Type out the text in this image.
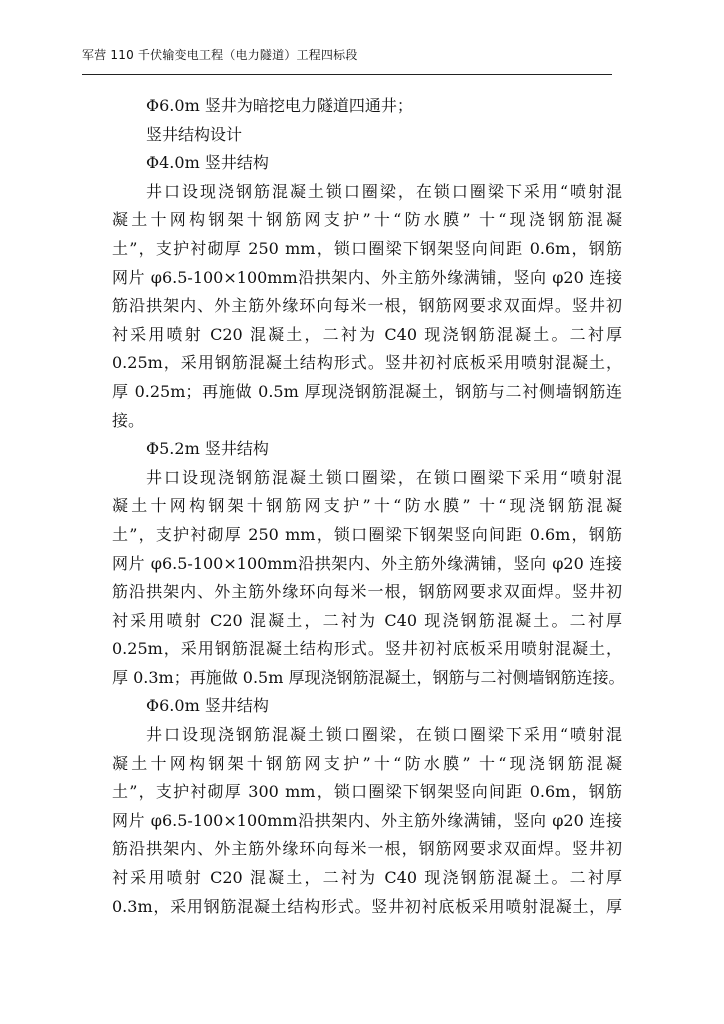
军营 110 千伏输变电工程（电力隧道）工程四标段
Φ6.0m 竖井为暗挖电力隧道四通井；
竖井结构设计
Φ4.0m 竖井结构
井口设现浇钢筋混凝土锁口圈梁，在锁口圈梁下采用“喷射混
凝土十网构钢架十钢筋网支护”十“防水膜” 十“现浇钢筋混凝
土”，支护衬砌厚 250 mm，锁口圈梁下钢架竖向间距 0.6m，钢筋
网片 φ6.5-100×100mm沿拱架内、外主筋外缘满铺，竖向 φ20 连接
筋沿拱架内、外主筋外缘环向每米一根，钢筋网要求双面焊。竖井初
衬采用喷射 C20 混凝土，二衬为 C40 现浇钢筋混凝土。二衬厚
0.25m，采用钢筋混凝土结构形式。竖井初衬底板采用喷射混凝土，
厚 0.25m；再施做 0.5m 厚现浇钢筋混凝土，钢筋与二衬侧墙钢筋连
接。
Φ5.2m 竖井结构
井口设现浇钢筋混凝土锁口圈梁，在锁口圈梁下采用“喷射混
凝土十网构钢架十钢筋网支护”十“防水膜” 十“现浇钢筋混凝
土”，支护衬砌厚 250 mm，锁口圈梁下钢架竖向间距 0.6m，钢筋
网片 φ6.5-100×100mm沿拱架内、外主筋外缘满铺，竖向 φ20 连接
筋沿拱架内、外主筋外缘环向每米一根，钢筋网要求双面焊。竖井初
衬采用喷射 C20 混凝土，二衬为 C40 现浇钢筋混凝土。二衬厚
0.25m，采用钢筋混凝土结构形式。竖井初衬底板采用喷射混凝土，
厚 0.3m；再施做 0.5m 厚现浇钢筋混凝土，钢筋与二衬侧墙钢筋连接。
Φ6.0m 竖井结构
井口设现浇钢筋混凝土锁口圈梁，在锁口圈梁下采用“喷射混
凝土十网构钢架十钢筋网支护”十“防水膜” 十“现浇钢筋混凝
土”，支护衬砌厚 300 mm，锁口圈梁下钢架竖向间距 0.6m，钢筋
网片 φ6.5-100×100mm沿拱架内、外主筋外缘满铺，竖向 φ20 连接
筋沿拱架内、外主筋外缘环向每米一根，钢筋网要求双面焊。竖井初
衬采用喷射 C20 混凝土，二衬为 C40 现浇钢筋混凝土。二衬厚
0.3m，采用钢筋混凝土结构形式。竖井初衬底板采用喷射混凝土，厚
